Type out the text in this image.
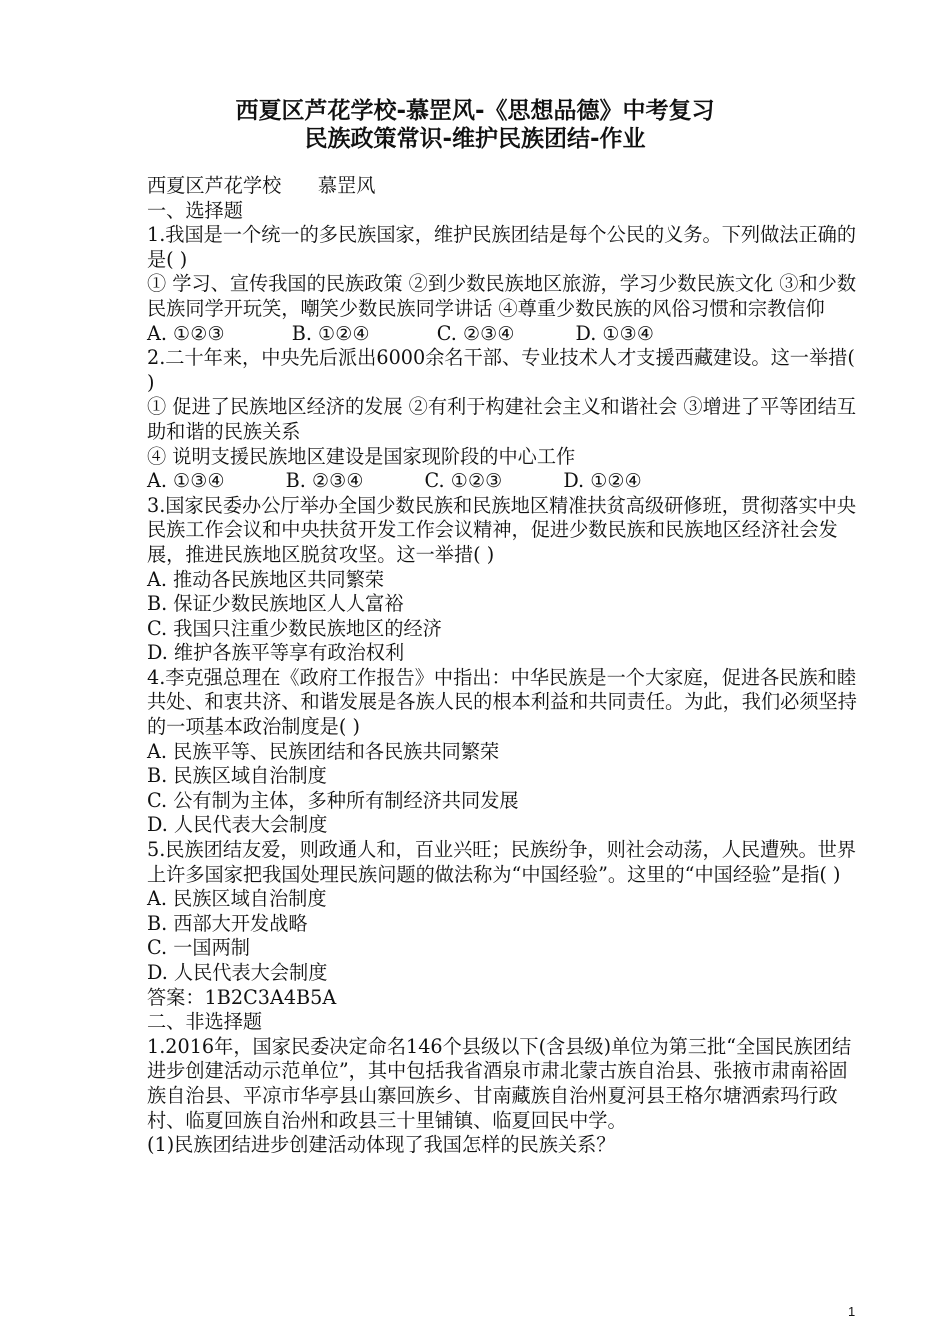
西夏区芦花学校-慕罡风-《思想品德》中考复习
民族政策常识-维护民族团结-作业

西夏区芦花学校      慕罡风

一、选择题

1.我国是一个统一的多民族国家，维护民族团结是每个公民的义务。下列做法正确的是( )

① 学习、宣传我国的民族政策 ②到少数民族地区旅游，学习少数民族文化 ③和少数民族同学开玩笑，嘲笑少数民族同学讲话 ④尊重少数民族的风俗习惯和宗教信仰

A. ①②③           B. ①②④           C. ②③④          D. ①③④

2.二十年来，中央先后派出6000余名干部、专业技术人才支援西藏建设。这一举措( )

① 促进了民族地区经济的发展 ②有利于构建社会主义和谐社会 ③增进了平等团结互助和谐的民族关系

④ 说明支援民族地区建设是国家现阶段的中心工作

A. ①③④          B. ②③④          C. ①②③          D. ①②④

3.国家民委办公厅举办全国少数民族和民族地区精准扶贫高级研修班，贯彻落实中央民族工作会议和中央扶贫开发工作会议精神，促进少数民族和民族地区经济社会发展，推进民族地区脱贫攻坚。这一举措( )

A. 推动各民族地区共同繁荣

B. 保证少数民族地区人人富裕

C. 我国只注重少数民族地区的经济

D. 维护各族平等享有政治权利

4.李克强总理在《政府工作报告》中指出：中华民族是一个大家庭，促进各民族和睦共处、和衷共济、和谐发展是各族人民的根本利益和共同责任。为此，我们必须坚持的一项基本政治制度是( )

A. 民族平等、民族团结和各民族共同繁荣

B. 民族区域自治制度

C. 公有制为主体，多种所有制经济共同发展

D. 人民代表大会制度

5.民族团结友爱，则政通人和，百业兴旺；民族纷争，则社会动荡，人民遭殃。世界上许多国家把我国处理民族问题的做法称为“中国经验”。这里的“中国经验”是指( )

A. 民族区域自治制度

B. 西部大开发战略

C. 一国两制

D. 人民代表大会制度

答案：1B2C3A4B5A

二、非选择题

1.2016年，国家民委决定命名146个县级以下(含县级)单位为第三批“全国民族团结进步创建活动示范单位”，其中包括我省酒泉市肃北蒙古族自治县、张掖市肃南裕固族自治县、平凉市华亭县山寨回族乡、甘南藏族自治州夏河县王格尔塘洒索玛行政村、临夏回族自治州和政县三十里铺镇、临夏回民中学。

(1)民族团结进步创建活动体现了我国怎样的民族关系？

1
